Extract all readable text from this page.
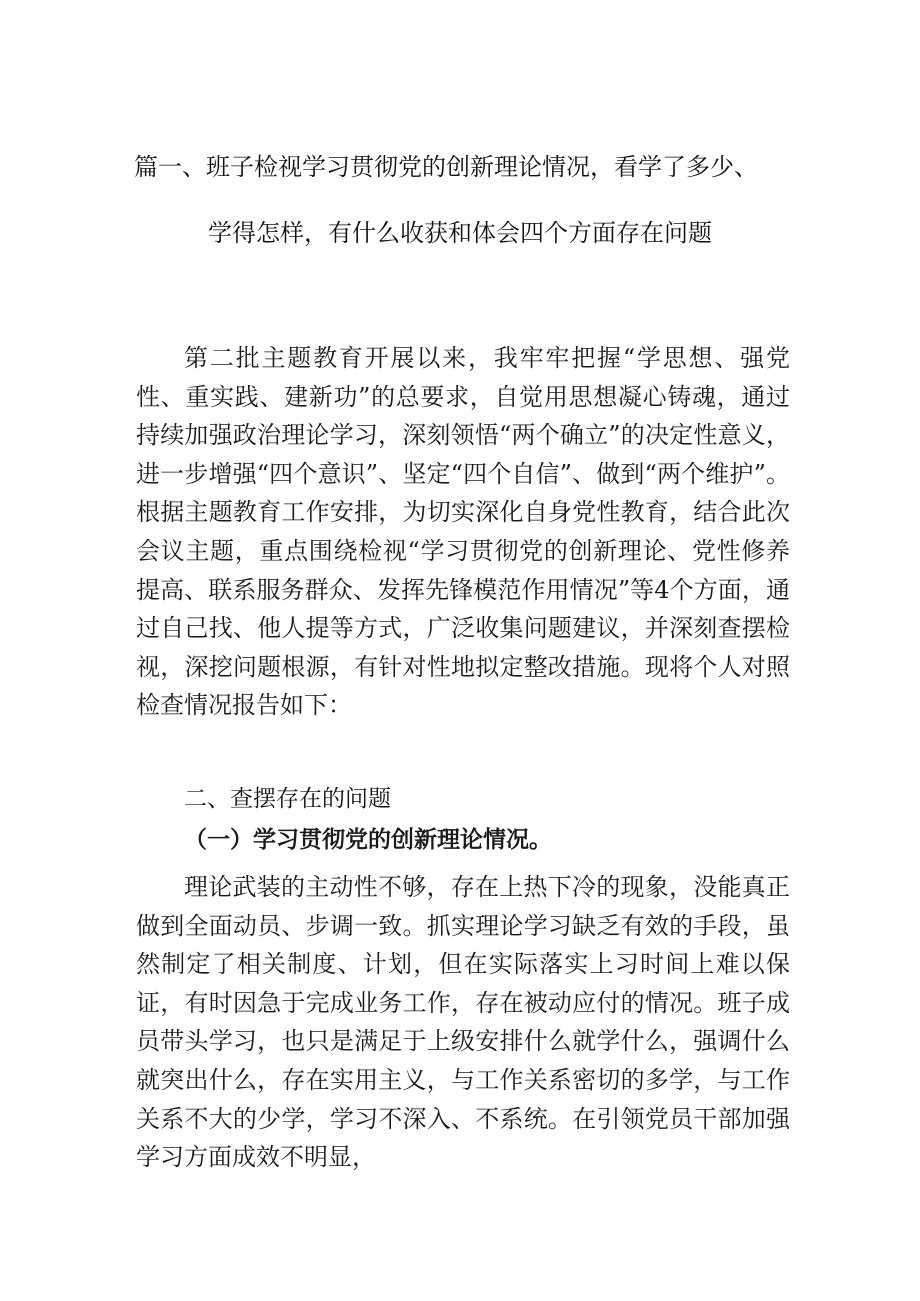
篇一、班子检视学习贯彻党的创新理论情况，看学了多少、
学得怎样，有什么收获和体会四个方面存在问题

第二批主题教育开展以来，我牢牢把握“学思想、强党性、重实践、建新功”的总要求，自觉用思想凝心铸魂，通过持续加强政治理论学习，深刻领悟“两个确立”的决定性意义，进一步增强“四个意识”、坚定“四个自信”、做到“两个维护”。根据主题教育工作安排，为切实深化自身党性教育，结合此次会议主题，重点围绕检视“学习贯彻党的创新理论、党性修养提高、联系服务群众、发挥先锋模范作用情况”等4个方面，通过自己找、他人提等方式，广泛收集问题建议，并深刻查摆检视，深挖问题根源，有针对性地拟定整改措施。现将个人对照检查情况报告如下：

二、查摆存在的问题
（一）学习贯彻党的创新理论情况。

理论武装的主动性不够，存在上热下冷的现象，没能真正做到全面动员、步调一致。抓实理论学习缺乏有效的手段，虽然制定了相关制度、计划，但在实际落实上习时间上难以保证，有时因急于完成业务工作，存在被动应付的情况。班子成员带头学习，也只是满足于上级安排什么就学什么，强调什么就突出什么，存在实用主义，与工作关系密切的多学，与工作关系不大的少学，学习不深入、不系统。在引领党员干部加强学习方面成效不明显，
